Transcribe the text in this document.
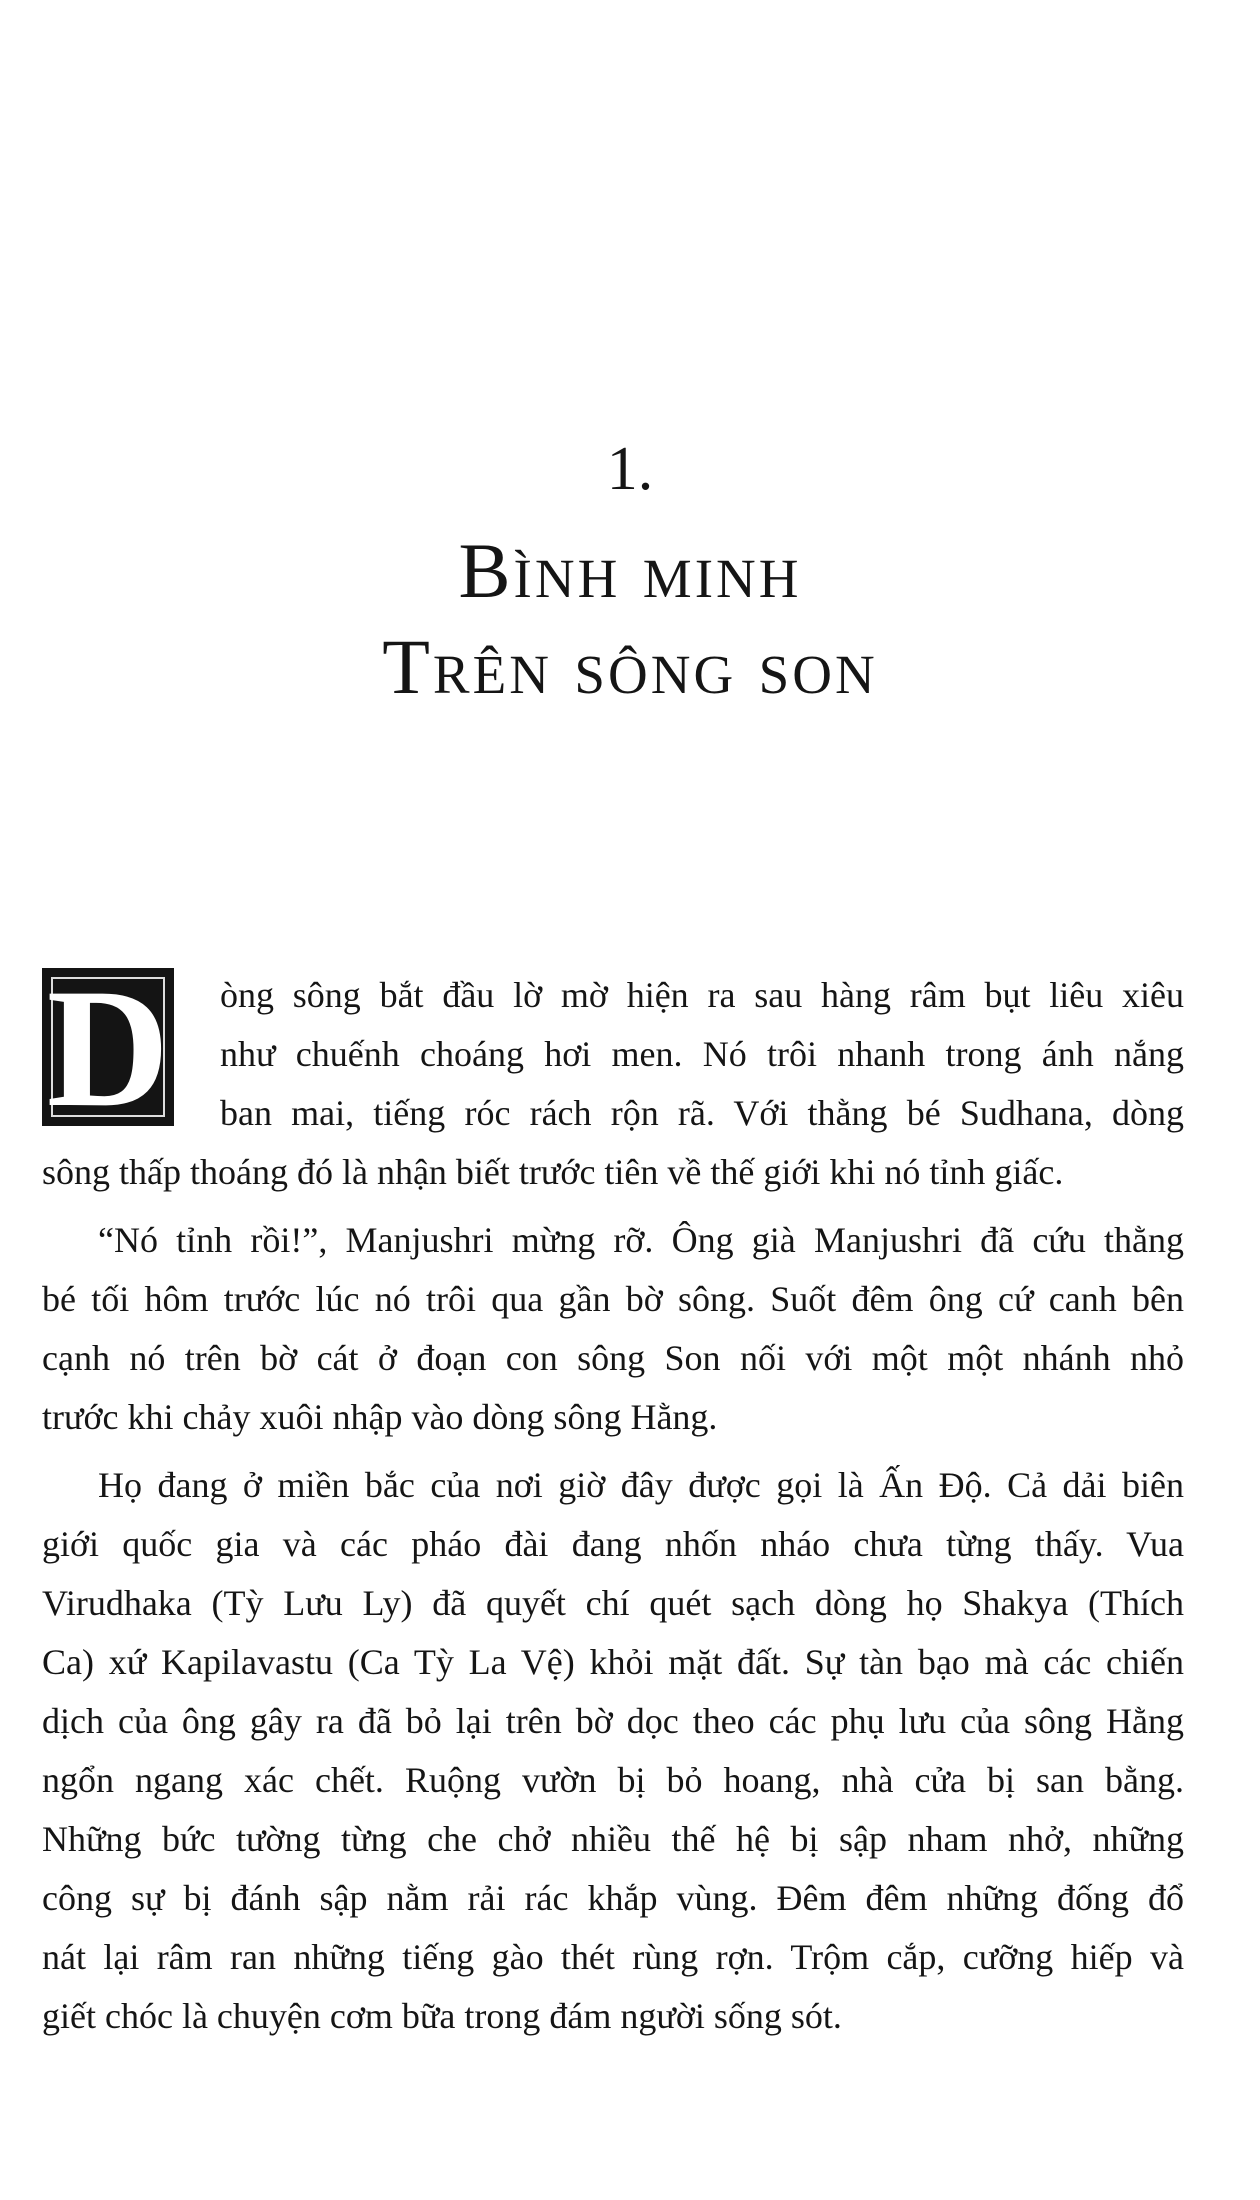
1.
Bình minh
Trên sông son
D	òng sông bắt đầu lờ mờ hiện ra sau hàng râm bụt liêu xiêu
như chuếnh choáng hơi men. Nó trôi nhanh trong ánh nắng
ban mai, tiếng róc rách rộn rã. Với thằng bé Sudhana, dòng
sông thấp thoáng đó là nhận biết trước tiên về thế giới khi nó tỉnh giấc.
“Nó tỉnh rồi!”, Manjushri mừng rỡ. Ông già Manjushri đã cứu thằng
bé tối hôm trước lúc nó trôi qua gần bờ sông. Suốt đêm ông cứ canh bên
cạnh nó trên bờ cát ở đoạn con sông Son nối với một một nhánh nhỏ
trước khi chảy xuôi nhập vào dòng sông Hằng.
Họ đang ở miền bắc của nơi giờ đây được gọi là Ấn Độ. Cả dải biên
giới quốc gia và các pháo đài đang nhốn nháo chưa từng thấy. Vua
Virudhaka (Tỳ Lưu Ly) đã quyết chí quét sạch dòng họ Shakya (Thích
Ca) xứ Kapilavastu (Ca Tỳ La Vệ) khỏi mặt đất. Sự tàn bạo mà các chiến
dịch của ông gây ra đã bỏ lại trên bờ dọc theo các phụ lưu của sông Hằng
ngổn ngang xác chết. Ruộng vườn bị bỏ hoang, nhà cửa bị san bằng.
Những bức tường từng che chở nhiều thế hệ bị sập nham nhở, những
công sự bị đánh sập nằm rải rác khắp vùng. Đêm đêm những đống đổ
nát lại râm ran những tiếng gào thét rùng rợn. Trộm cắp, cưỡng hiếp và
giết chóc là chuyện cơm bữa trong đám người sống sót.
